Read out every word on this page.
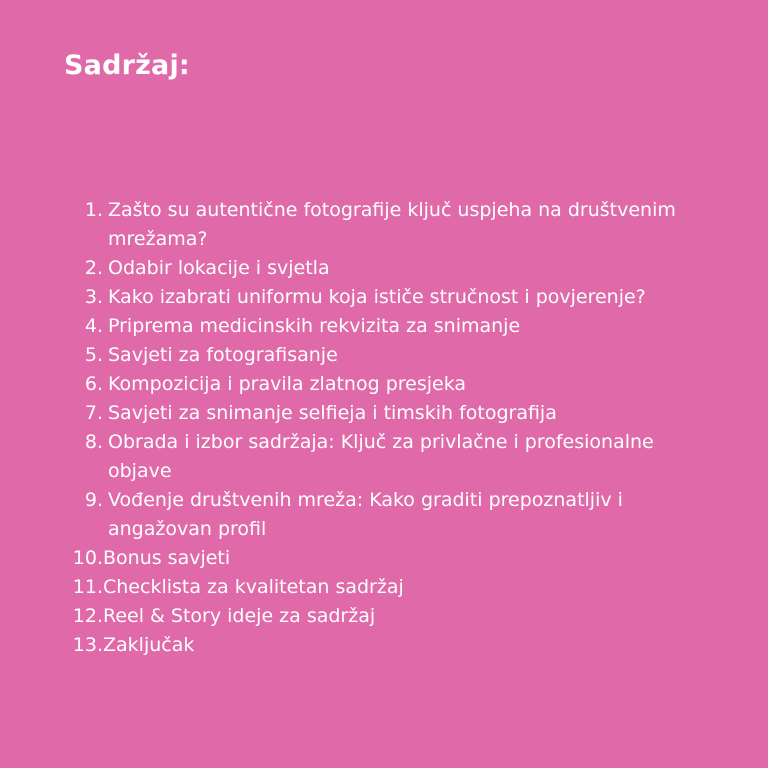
Sadržaj:
1. Zašto su autentične fotografije ključ uspjeha na društvenim mrežama?
2. Odabir lokacije i svjetla
3. Kako izabrati uniformu koja ističe stručnost i povjerenje?
4. Priprema medicinskih rekvizita za snimanje
5. Savjeti za fotografisanje
6. Kompozicija i pravila zlatnog presjeka
7. Savjeti za snimanje selfieja i timskih fotografija
8. Obrada i izbor sadržaja: Ključ za privlačne i profesionalne objave
9. Vođenje društvenih mreža: Kako graditi prepoznatljiv i angažovan profil
10. Bonus savjeti
11. Checklista za kvalitetan sadržaj
12. Reel & Story ideje za sadržaj
13. Zaključak
